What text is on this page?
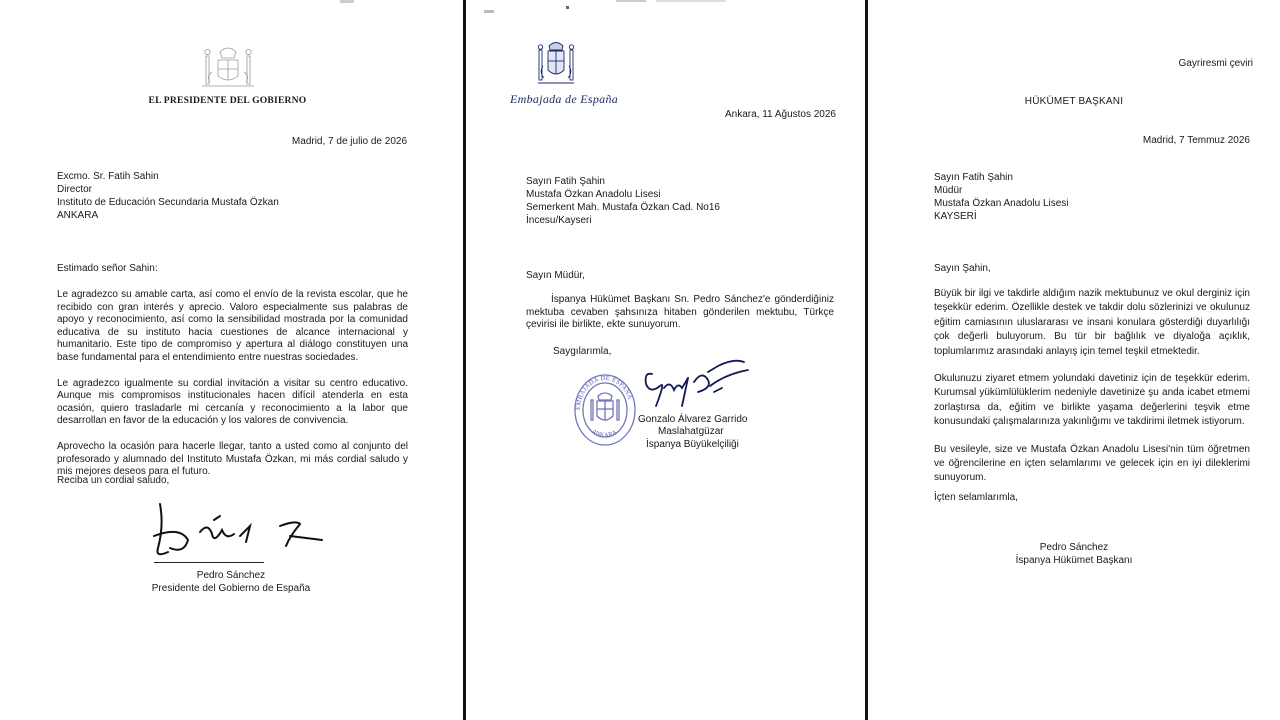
EL PRESIDENTE DEL GOBIERNO
Madrid, 7 de julio de 2026
Excmo. Sr. Fatih Sahin
Director
Instituto de Educación Secundaria Mustafa Özkan
ANKARA
Estimado señor Sahin:

Le agradezco su amable carta, así como el envío de la revista escolar, que he recibido con gran interés y aprecio. Valoro especialmente sus palabras de apoyo y reconocimiento, así como la sensibilidad mostrada por la comunidad educativa de su instituto hacia cuestiones de alcance internacional y humanitario. Este tipo de compromiso y apertura al diálogo constituyen una base fundamental para el entendimiento entre nuestras sociedades.

Le agradezco igualmente su cordial invitación a visitar su centro educativo. Aunque mis compromisos institucionales hacen difícil atenderla en esta ocasión, quiero trasladarle mi cercanía y reconocimiento a la labor que desarrollan en favor de la educación y los valores de convivencia.

Aprovecho la ocasión para hacerle llegar, tanto a usted como al conjunto del profesorado y alumnado del Instituto Mustafa Özkan, mi más cordial saludo y mis mejores deseos para el futuro.

Reciba un cordial saludo,
Pedro Sánchez
Presidente del Gobierno de España
Embajada de España
Ankara, 11 Ağustos 2026
Sayın Fatih Şahin
Mustafa Özkan Anadolu Lisesi
Semerkent Mah. Mustafa Özkan Cad. No16
İncesu/Kayseri
Sayın Müdür,
İspanya Hükümet Başkanı Sn. Pedro Sánchez'e gönderdiğiniz mektuba cevaben şahsınıza hitaben gönderilen mektubu, Türkçe çevirisi ile birlikte, ekte sunuyorum.
Saygılarımla,
EMBAJADA DE ESPAÑA
ANKARA
Gonzalo Álvarez Garrido
Maslahatgüzar
İspanya Büyükelçiliği
Gayriresmi çeviri
HÜKÜMET BAŞKANI
Madrid, 7 Temmuz 2026
Sayın Fatih Şahin
Müdür
Mustafa Özkan Anadolu Lisesi
KAYSERİ
Sayın Şahin,

Büyük bir ilgi ve takdirle aldığım nazik mektubunuz ve okul derginiz için teşekkür ederim. Özellikle destek ve takdir dolu sözlerinizi ve okulunuz eğitim camiasının uluslararası ve insani konulara gösterdiği duyarlılığı çok değerli buluyorum. Bu tür bir bağlılık ve diyaloğa açıklık, toplumlarımız arasındaki anlayış için temel teşkil etmektedir.

Okulunuzu ziyaret etmem yolundaki davetiniz için de teşekkür ederim. Kurumsal yükümlülüklerim nedeniyle davetinize şu anda icabet etmemi zorlaştırsa da, eğitim ve birlikte yaşama değerlerini teşvik etme konusundaki çalışmalarınıza yakınlığımı ve takdirimi iletmek istiyorum.

Bu vesileyle, size ve Mustafa Özkan Anadolu Lisesi'nin tüm öğretmen ve öğrencilerine en içten selamlarımı ve gelecek için en iyi dileklerimi sunuyorum.

İçten selamlarımla,
Pedro Sánchez
İspanya Hükümet Başkanı
